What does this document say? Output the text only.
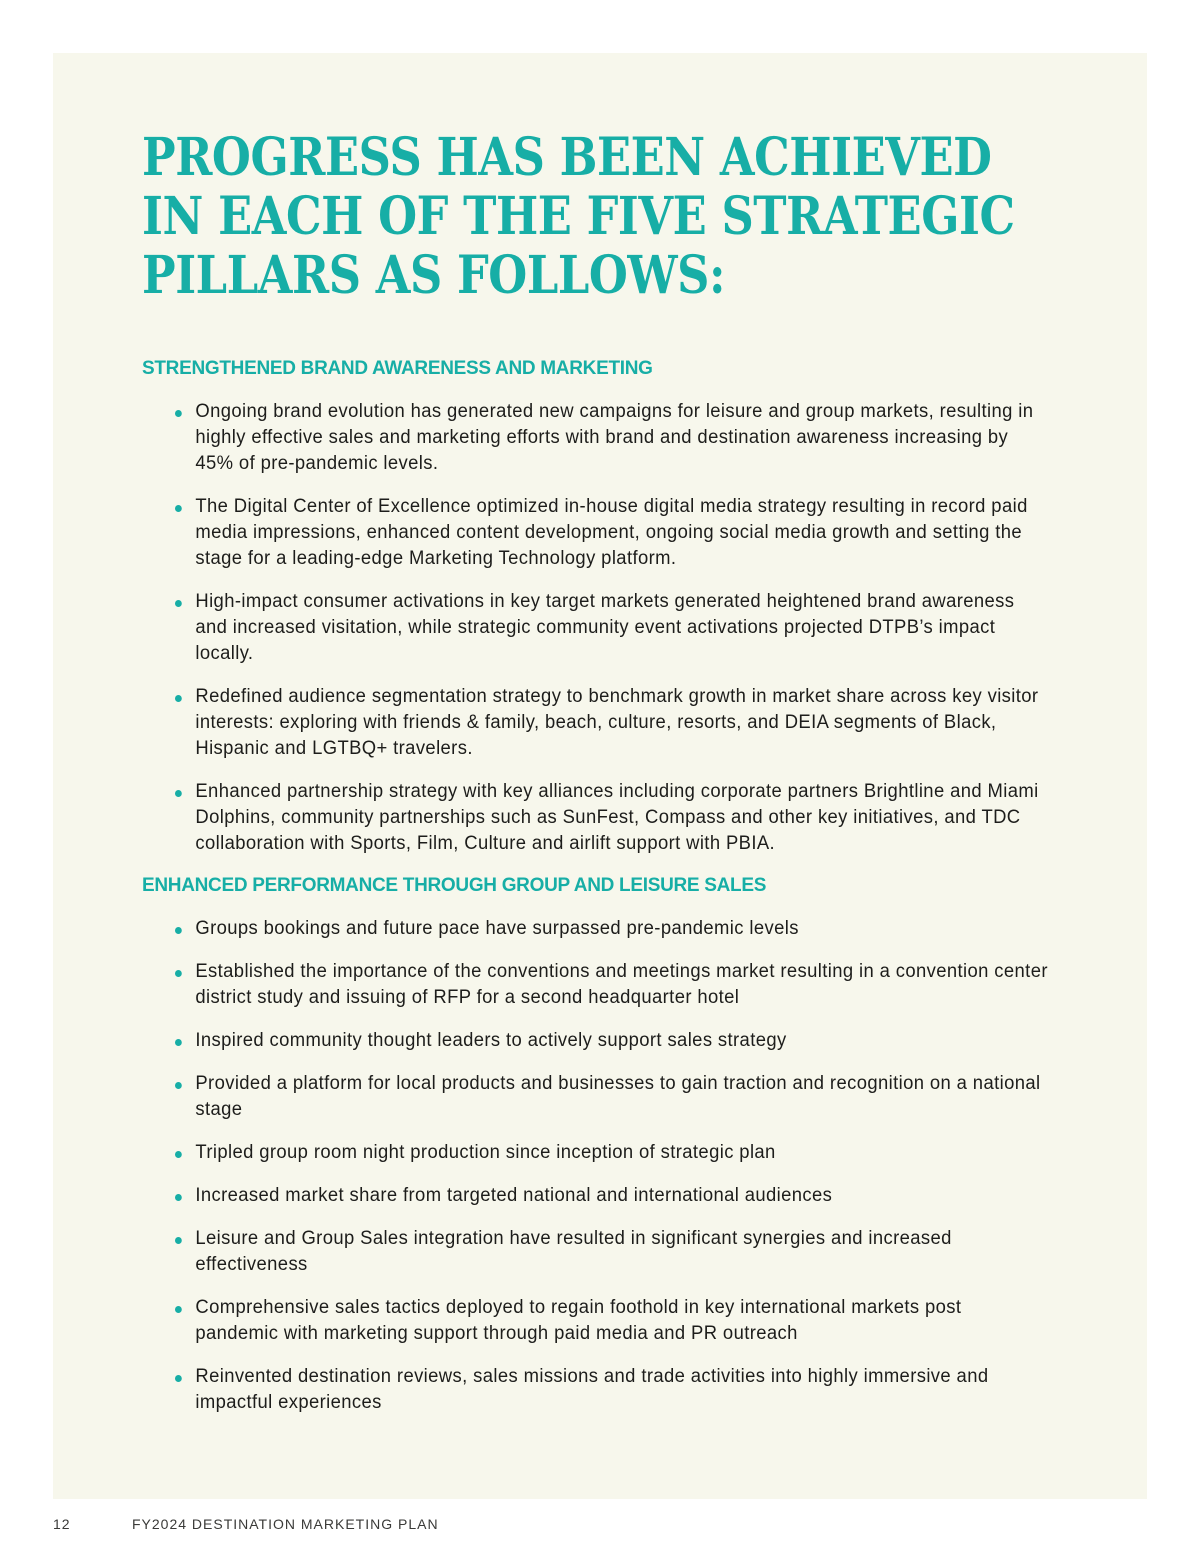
PROGRESS HAS BEEN ACHIEVED
IN EACH OF THE FIVE STRATEGIC
PILLARS AS FOLLOWS:
STRENGTHENED BRAND AWARENESS AND MARKETING
Ongoing brand evolution has generated new campaigns for leisure and group markets, resulting in highly effective sales and marketing efforts with brand and destination awareness increasing by 45% of pre-pandemic levels.
The Digital Center of Excellence optimized in-house digital media strategy resulting in record paid media impressions, enhanced content development, ongoing social media growth and setting the stage for a leading-edge Marketing Technology platform.
High-impact consumer activations in key target markets generated heightened brand awareness and increased visitation, while strategic community event activations projected DTPB’s impact locally.
Redefined audience segmentation strategy to benchmark growth in market share across key visitor interests: exploring with friends & family, beach, culture, resorts, and DEIA segments of Black, Hispanic and LGTBQ+ travelers.
Enhanced partnership strategy with key alliances including corporate partners Brightline and Miami Dolphins, community partnerships such as SunFest, Compass and other key initiatives, and TDC collaboration with Sports, Film, Culture and airlift support with PBIA.
ENHANCED PERFORMANCE THROUGH GROUP AND LEISURE SALES
Groups bookings and future pace have surpassed pre-pandemic levels
Established the importance of the conventions and meetings market resulting in a convention center district study and issuing of RFP for a second headquarter hotel
Inspired community thought leaders to actively support sales strategy
Provided a platform for local products and businesses to gain traction and recognition on a national stage
Tripled group room night production since inception of strategic plan
Increased market share from targeted national and international audiences
Leisure and Group Sales integration have resulted in significant synergies and increased effectiveness
Comprehensive sales tactics deployed to regain foothold in key international markets post pandemic with marketing support through paid media and PR outreach
Reinvented destination reviews, sales missions and trade activities into highly immersive and impactful experiences
12	FY2024 DESTINATION MARKETING PLAN
